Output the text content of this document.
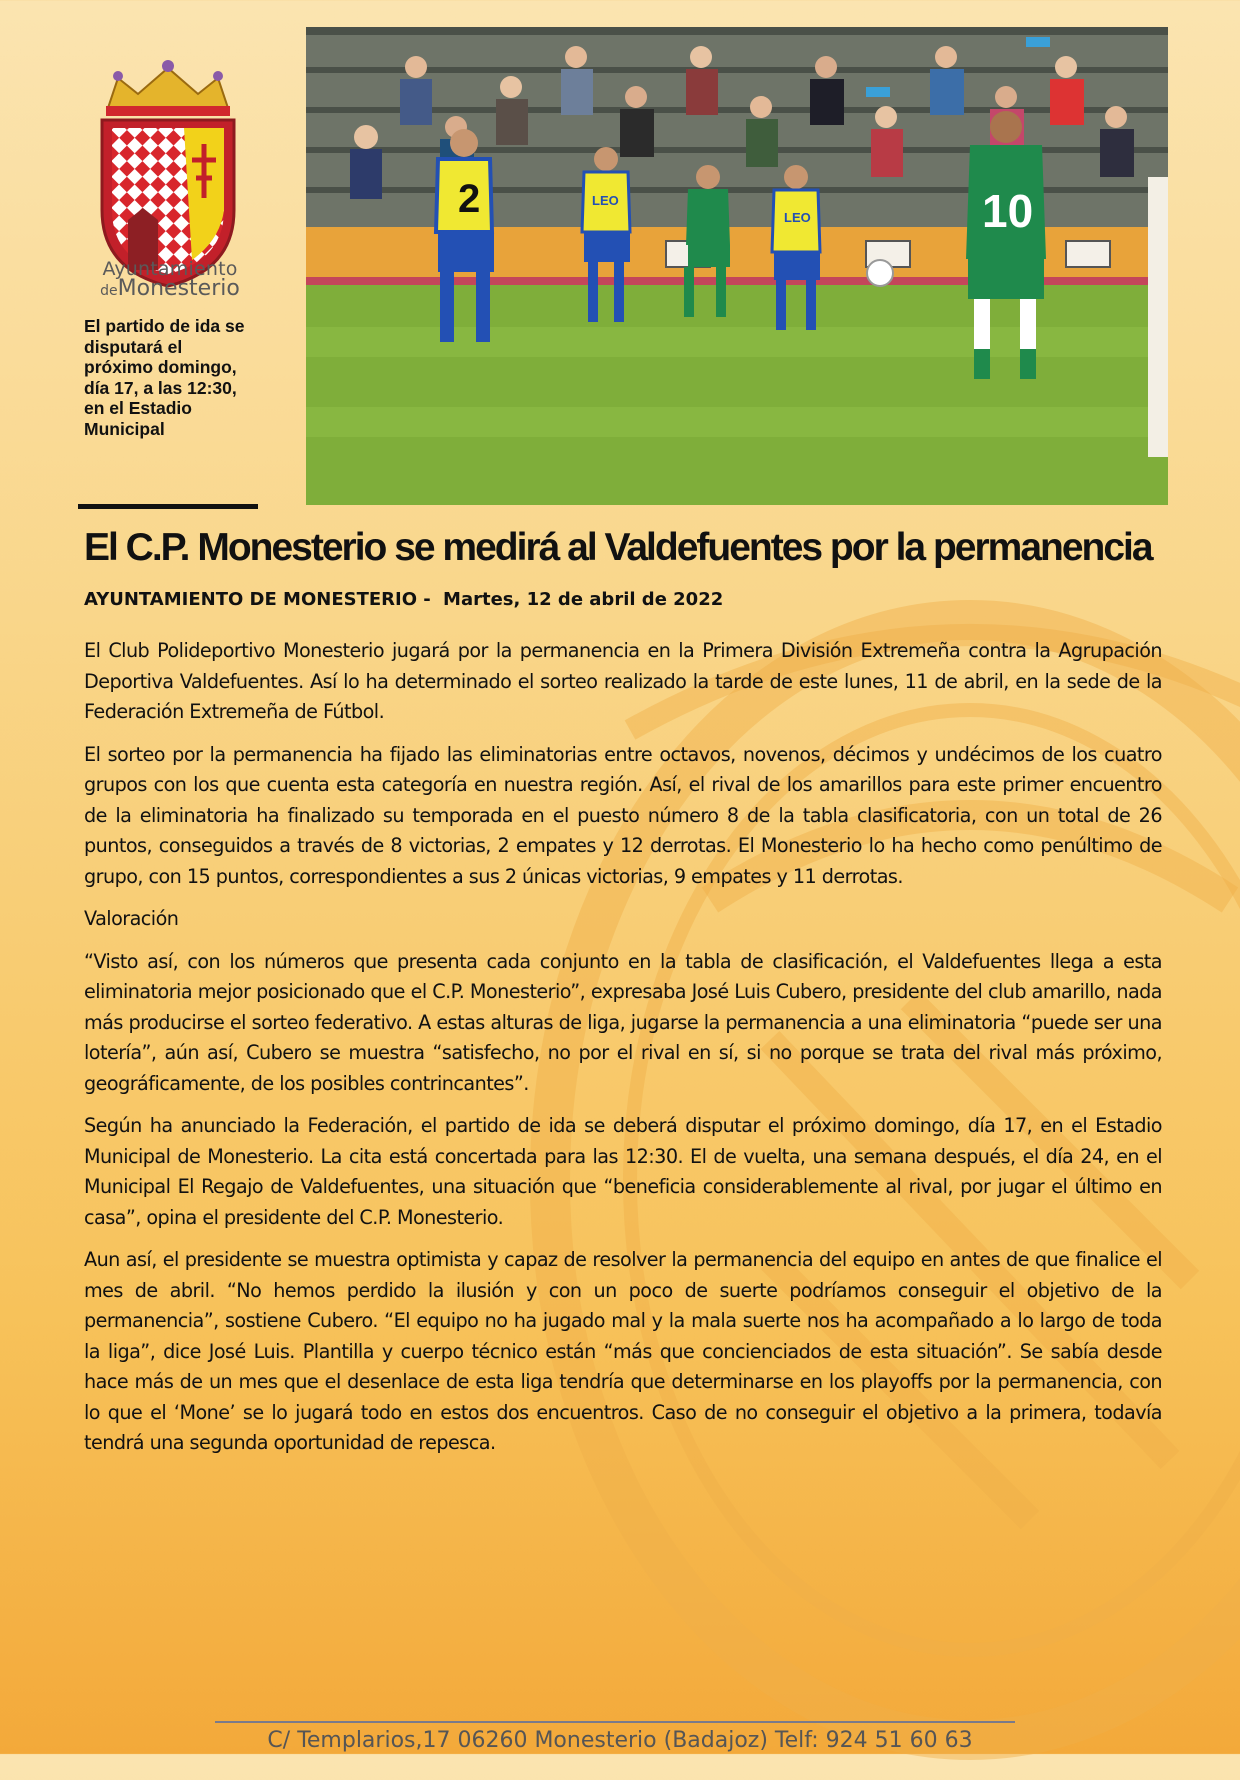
Ayuntamiento
deMonesterio

El partido de ida se disputará el próximo domingo, día 17, a las 12:30, en el Estadio Municipal

2	LEO
LEO	10
El C.P. Monesterio se medirá al Valdefuentes por la permanencia

AYUNTAMIENTO DE MONESTERIO - Martes, 12 de abril de 2022

El Club Polideportivo Monesterio jugará por la permanencia en la Primera División Extremeña contra la Agrupación Deportiva Valdefuentes. Así lo ha determinado el sorteo realizado la tarde de este lunes, 11 de abril, en la sede de la Federación Extremeña de Fútbol.

El sorteo por la permanencia ha fijado las eliminatorias entre octavos, novenos, décimos y undécimos de los cuatro grupos con los que cuenta esta categoría en nuestra región. Así, el rival de los amarillos para este primer encuentro de la eliminatoria ha finalizado su temporada en el puesto número 8 de la tabla clasificatoria, con un total de 26 puntos, conseguidos a través de 8 victorias, 2 empates y 12 derrotas. El Monesterio lo ha hecho como penúltimo de grupo, con 15 puntos, correspondientes a sus 2 únicas victorias, 9 empates y 11 derrotas.

Valoración

“Visto así, con los números que presenta cada conjunto en la tabla de clasificación, el Valdefuentes llega a esta eliminatoria mejor posicionado que el C.P. Monesterio”, expresaba José Luis Cubero, presidente del club amarillo, nada más producirse el sorteo federativo. A estas alturas de liga, jugarse la permanencia a una eliminatoria “puede ser una lotería”, aún así, Cubero se muestra “satisfecho, no por el rival en sí, si no porque se trata del rival más próximo, geográficamente, de los posibles contrincantes”.

Según ha anunciado la Federación, el partido de ida se deberá disputar el próximo domingo, día 17, en el Estadio Municipal de Monesterio. La cita está concertada para las 12:30. El de vuelta, una semana después, el día 24, en el Municipal El Regajo de Valdefuentes, una situación que “beneficia considerablemente al rival, por jugar el último en casa”, opina el presidente del C.P. Monesterio.

Aun así, el presidente se muestra optimista y capaz de resolver la permanencia del equipo en antes de que finalice el mes de abril. “No hemos perdido la ilusión y con un poco de suerte podríamos conseguir el objetivo de la permanencia”, sostiene Cubero. “El equipo no ha jugado mal y la mala suerte nos ha acompañado a lo largo de toda la liga”, dice José Luis. Plantilla y cuerpo técnico están “más que concienciados de esta situación”. Se sabía desde hace más de un mes que el desenlace de esta liga tendría que determinarse en los playoffs por la permanencia, con lo que el ‘Mone’ se lo jugará todo en estos dos encuentros. Caso de no conseguir el objetivo a la primera, todavía tendrá una segunda oportunidad de repesca.

C/ Templarios,17 06260 Monesterio (Badajoz) Telf: 924 51 60 63
